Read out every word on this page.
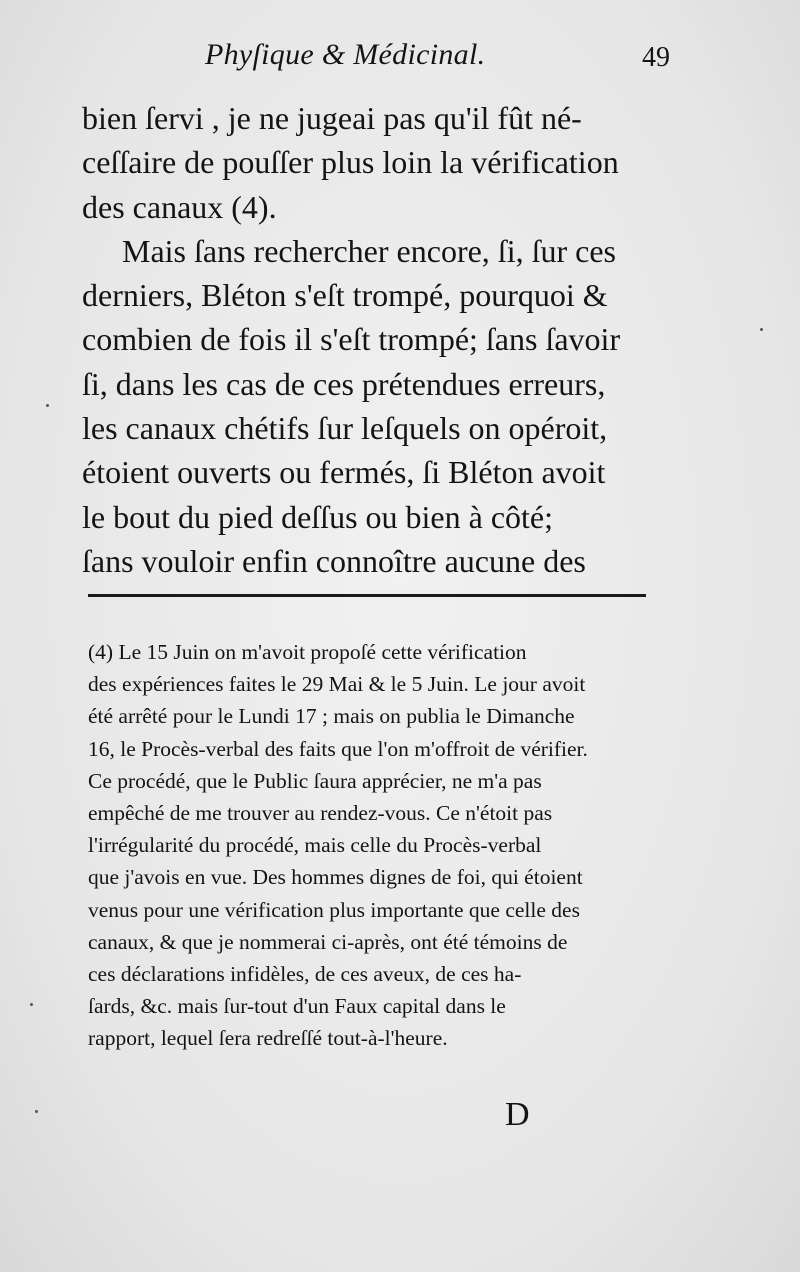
Phyſique & Médicinal.	49
bien ſervi , je ne jugeai pas qu'il fût né-
ceſſaire de pouſſer plus loin la vérification
des canaux (4).
Mais ſans rechercher encore, ſi, ſur ces
derniers, Bléton s'eſt trompé, pourquoi &
combien de fois il s'eſt trompé; ſans ſavoir
ſi, dans les cas de ces prétendues erreurs,
les canaux chétifs ſur leſquels on opéroit,
étoient ouverts ou fermés, ſi Bléton avoit
le bout du pied deſſus ou bien à côté;
ſans vouloir enfin connoître aucune des
(4) Le 15 Juin on m'avoit propoſé cette vérification
des expériences faites le 29 Mai & le 5 Juin. Le jour avoit
été arrêté pour le Lundi 17 ; mais on publia le Dimanche
16, le Procès-verbal des faits que l'on m'offroit de vérifier.
Ce procédé, que le Public ſaura apprécier, ne m'a pas
empêché de me trouver au rendez-vous. Ce n'étoit pas
l'irrégularité du procédé, mais celle du Procès-verbal
que j'avois en vue. Des hommes dignes de foi, qui étoient
venus pour une vérification plus importante que celle des
canaux, & que je nommerai ci-après, ont été témoins de
ces déclarations infidèles, de ces aveux, de ces ha-
ſards, &c. mais ſur-tout d'un Faux capital dans le
rapport, lequel ſera redreſſé tout-à-l'heure.
D
